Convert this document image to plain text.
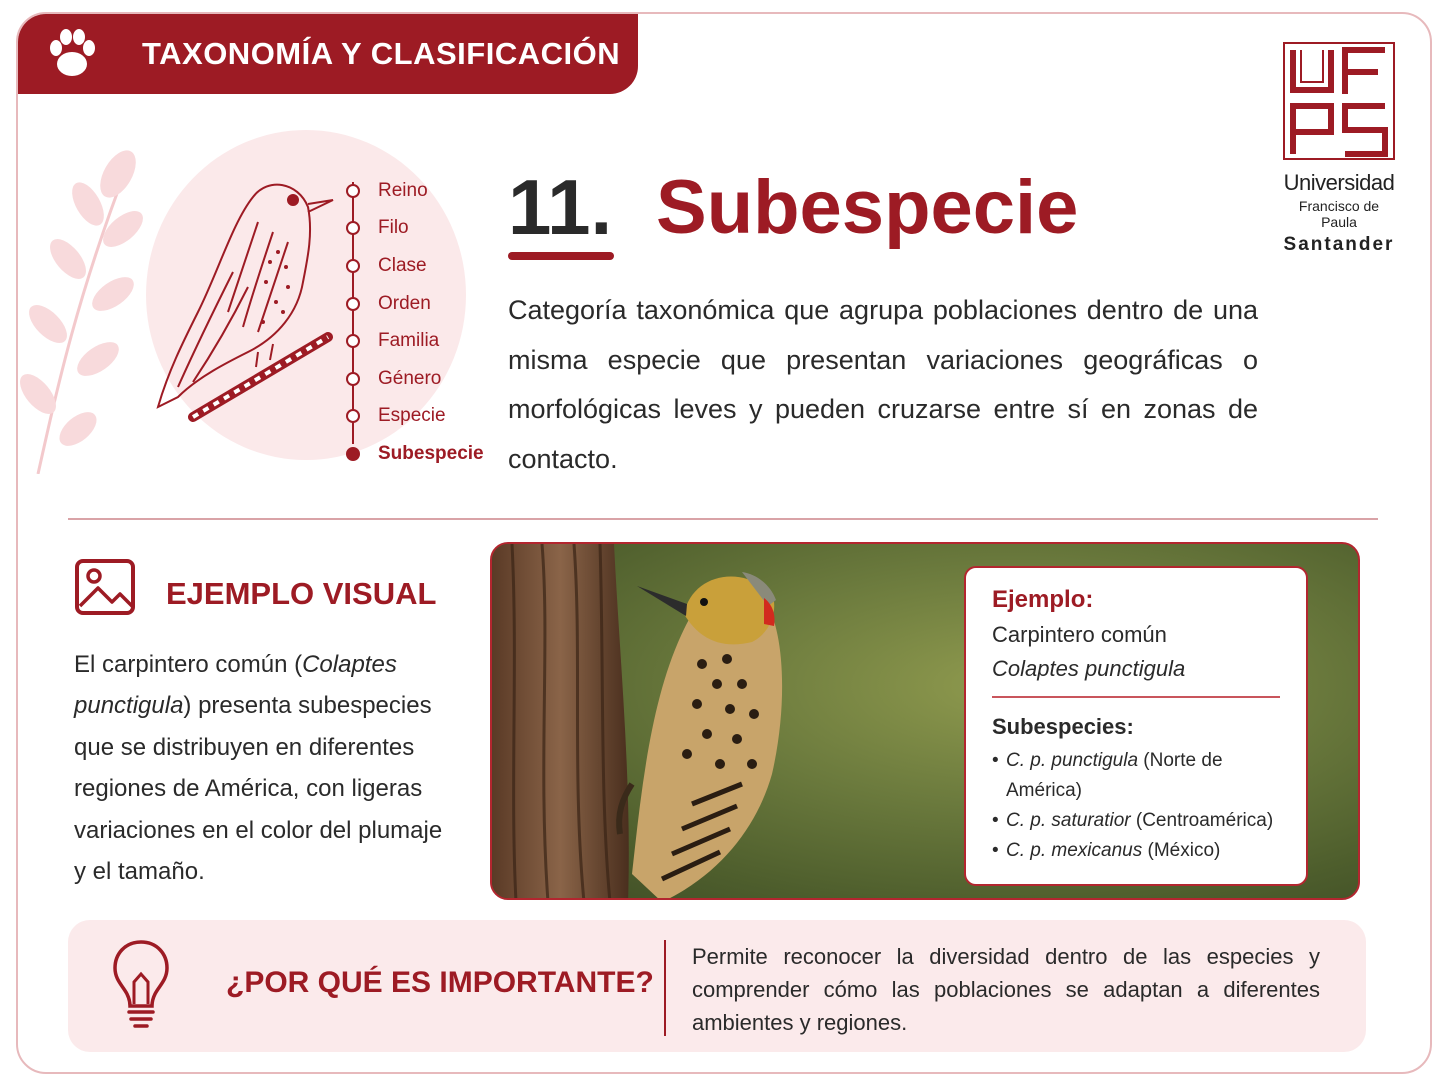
TAXONOMÍA Y CLASIFICACIÓN
Reino
Filo
Clase
Orden
Familia
Género
Especie
Subespecie
11. Subespecie
Categoría taxonómica que agrupa poblaciones dentro de una misma especie que presentan variaciones geográficas o morfológicas leves y pueden cruzarse entre sí en zonas de contacto.
Universidad
Francisco de Paula
Santander
EJEMPLO VISUAL
El carpintero común (Colaptes punctigula) presenta subespecies que se distribuyen en diferentes regiones de América, con ligeras variaciones en el color del plumaje y el tamaño.
Ejemplo:
Carpintero común
Colaptes punctigula
Subespecies:
• C. p. punctigula (Norte de América)
• C. p. saturatior (Centroamérica)
• C. p. mexicanus (México)
¿POR QUÉ ES IMPORTANTE?
Permite reconocer la diversidad dentro de las especies y comprender cómo las poblaciones se adaptan a diferentes ambientes y regiones.
